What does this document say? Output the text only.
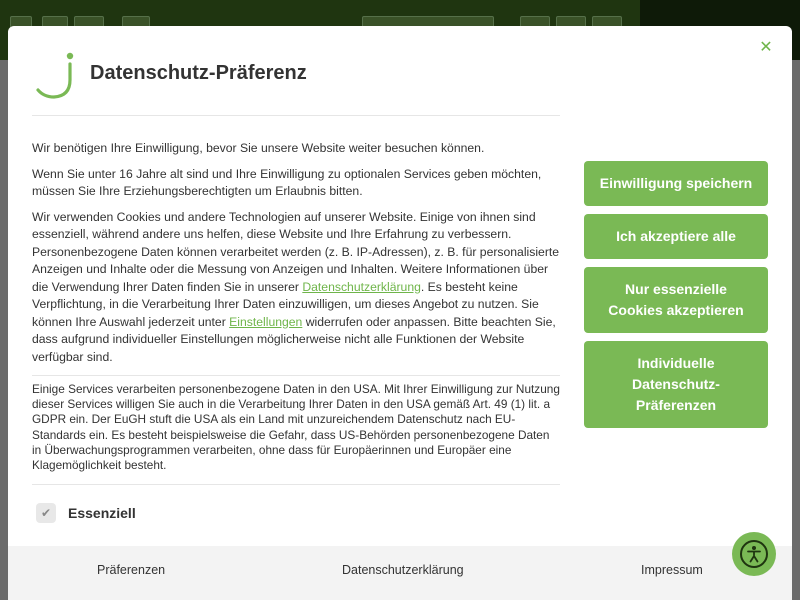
✕
Datenschutz-Präferenz

Wir benötigen Ihre Einwilligung, bevor Sie unsere Website weiter besuchen können.

Wenn Sie unter 16 Jahre alt sind und Ihre Einwilligung zu optionalen Services geben möchten, müssen Sie Ihre Erziehungsberechtigten um Erlaubnis bitten.

Wir verwenden Cookies und andere Technologien auf unserer Website. Einige von ihnen sind essenziell, während andere uns helfen, diese Website und Ihre Erfahrung zu verbessern. Personenbezogene Daten können verarbeitet werden (z. B. IP-Adressen), z. B. für personalisierte Anzeigen und Inhalte oder die Messung von Anzeigen und Inhalten. Weitere Informationen über die Verwendung Ihrer Daten finden Sie in unserer Datenschutzerklärung. Es besteht keine Verpflichtung, in die Verarbeitung Ihrer Daten einzuwilligen, um dieses Angebot zu nutzen. Sie können Ihre Auswahl jederzeit unter Einstellungen widerrufen oder anpassen. Bitte beachten Sie, dass aufgrund individueller Einstellungen möglicherweise nicht alle Funktionen der Website verfügbar sind.

Einige Services verarbeiten personenbezogene Daten in den USA. Mit Ihrer Einwilligung zur Nutzung dieser Services willigen Sie auch in die Verarbeitung Ihrer Daten in den USA gemäß Art. 49 (1) lit. a GDPR ein. Der EuGH stuft die USA als ein Land mit unzureichendem Datenschutz nach EU-Standards ein. Es besteht beispielsweise die Gefahr, dass US-Behörden personenbezogene Daten in Überwachungsprogrammen verarbeiten, ohne dass für Europäerinnen und Europäer eine Klagemöglichkeit besteht.
✔ Essenziell
Einwilligung speichern
Ich akzeptiere alle
Nur essenzielle Cookies akzeptieren
Individuelle Datenschutz-Präferenzen
Präferenzen	Datenschutzerklärung	Impressum
